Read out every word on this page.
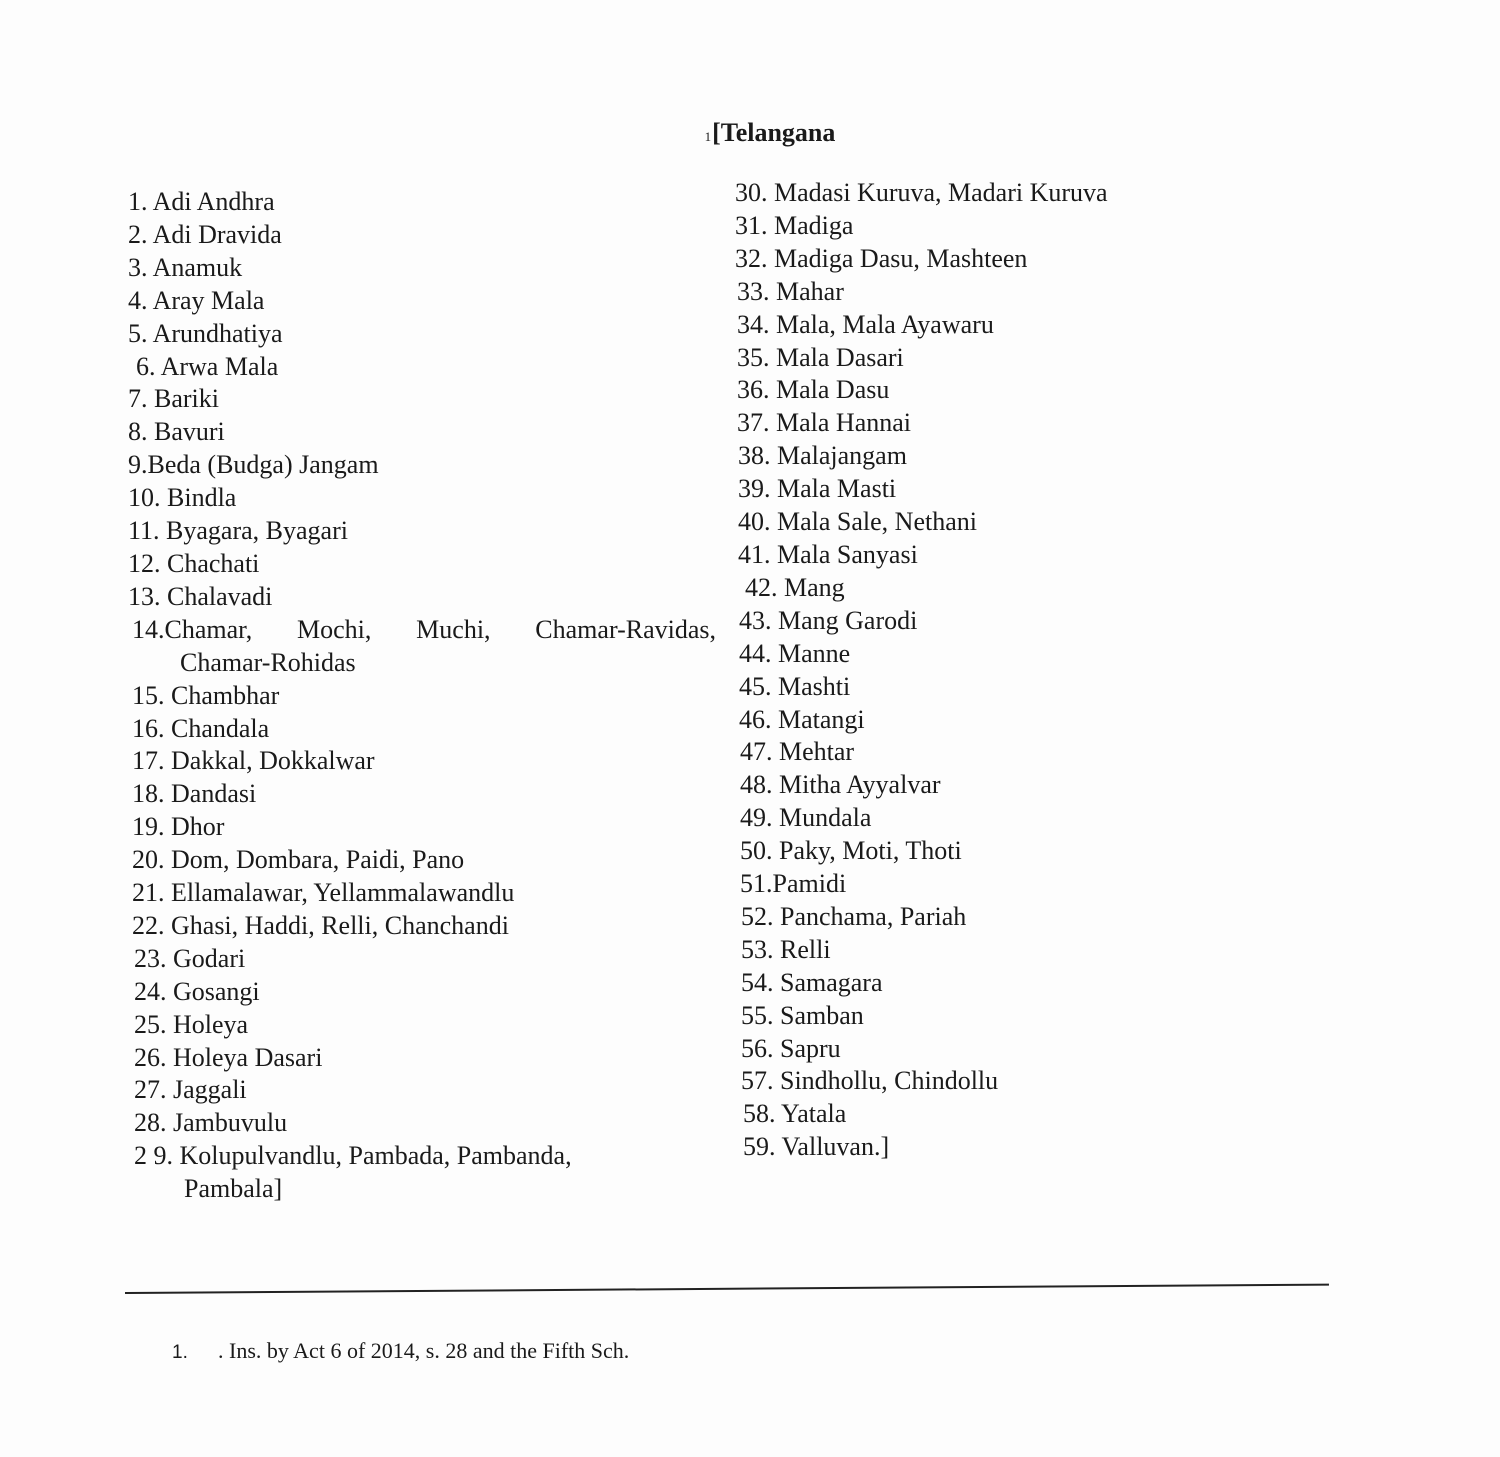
1[Telangana
1. Adi Andhra
2. Adi Dravida
3. Anamuk
4. Aray Mala
5. Arundhatiya
6. Arwa Mala
7. Bariki
8. Bavuri
9.Beda (Budga) Jangam
10. Bindla
11. Byagara, Byagari
12. Chachati
13. Chalavadi
14.Chamar, Mochi, Muchi, Chamar-Ravidas,
Chamar-Rohidas
15. Chambhar
16. Chandala
17. Dakkal, Dokkalwar
18. Dandasi
19. Dhor
20. Dom, Dombara, Paidi, Pano
21. Ellamalawar, Yellammalawandlu
22. Ghasi, Haddi, Relli, Chanchandi
23. Godari
24. Gosangi
25. Holeya
26. Holeya Dasari
27. Jaggali
28. Jambuvulu
2 9. Kolupulvandlu, Pambada, Pambanda,
Pambala]
30. Madasi Kuruva, Madari Kuruva
31. Madiga
32. Madiga Dasu, Mashteen
33. Mahar
34. Mala, Mala Ayawaru
35. Mala Dasari
36. Mala Dasu
37. Mala Hannai
38. Malajangam
39. Mala Masti
40. Mala Sale, Nethani
41. Mala Sanyasi
42. Mang
43. Mang Garodi
44. Manne
45. Mashti
46. Matangi
47. Mehtar
48. Mitha Ayyalvar
49. Mundala
50. Paky, Moti, Thoti
51.Pamidi
52. Panchama, Pariah
53. Relli
54. Samagara
55. Samban
56. Sapru
57. Sindhollu, Chindollu
58. Yatala
59. Valluvan.]
1.	. Ins. by Act 6 of 2014, s. 28 and the Fifth Sch.
